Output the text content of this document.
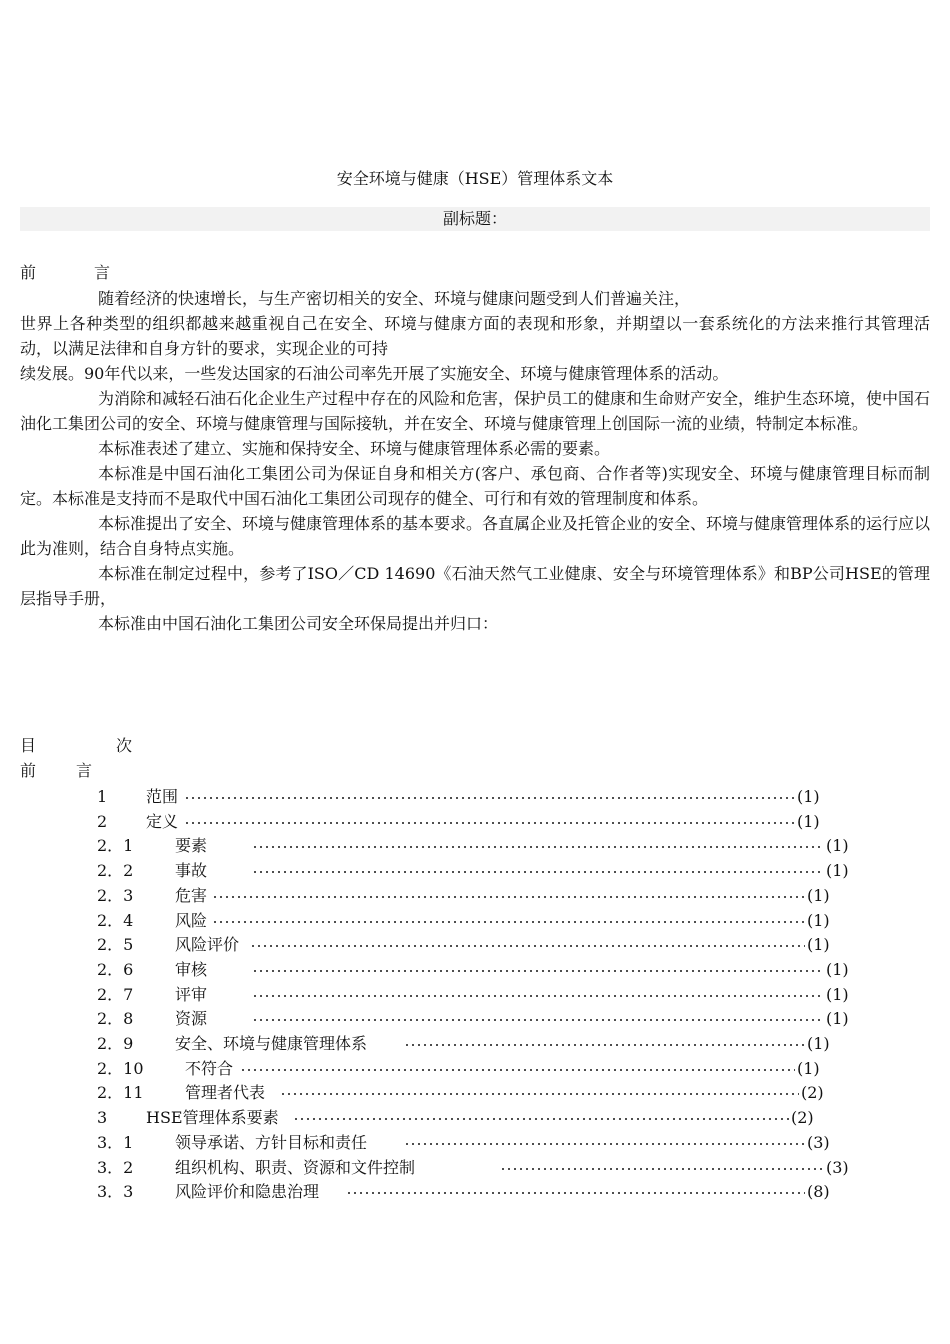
安全环境与健康（HSE）管理体系文本
副标题：
前	言

随着经济的快速增长，与生产密切相关的安全、环境与健康问题受到人们普遍关注，

世界上各种类型的组织都越来越重视自己在安全、环境与健康方面的表现和形象，并期望以一套系统化的方法来推行其管理活动，以满足法律和自身方针的要求，实现企业的可持

续发展。90年代以来，一些发达国家的石油公司率先开展了实施安全、环境与健康管理体系的活动。

为消除和减轻石油石化企业生产过程中存在的风险和危害，保护员工的健康和生命财产安全，维护生态环境，使中国石油化工集团公司的安全、环境与健康管理与国际接轨，并在安全、环境与健康管理上创国际一流的业绩，特制定本标准。

本标准表述了建立、实施和保持安全、环境与健康管理体系必需的要素。

本标准是中国石油化工集团公司为保证自身和相关方(客户、承包商、合作者等)实现安全、环境与健康管理目标而制定。本标准是支持而不是取代中国石油化工集团公司现存的健全、可行和有效的管理制度和体系。

本标准提出了安全、环境与健康管理体系的基本要求。各直属企业及托管企业的安全、环境与健康管理体系的运行应以此为准则，结合自身特点实施。

本标准在制定过程中，参考了ISO／CD 14690《石油天然气工业健康、安全与环境管理体系》和BP公司HSE的管理层指导手册，

本标准由中国石油化工集团公司安全环保局提出并归口：

目	次
前	言
1 范围	(1)
2 定义	(1)
2．1	要素	(1)
2．2	事故	(1)
2．3	危害	(1)
2．4	风险	(1)
2．5	风险评价	(1)
2．6	审核	(1)
2．7	评审	(1)
2．8	资源	(1)
2．9	安全、环境与健康管理体系	(1)
2．10	不符合	(1)
2．11	管理者代表	(2)
3 HSE管理体系要素	(2)
3．1	领导承诺、方针目标和责任	(3)
3．2	组织机构、职责、资源和文件控制	(3)
3．3	风险评价和隐患治理	(8)
